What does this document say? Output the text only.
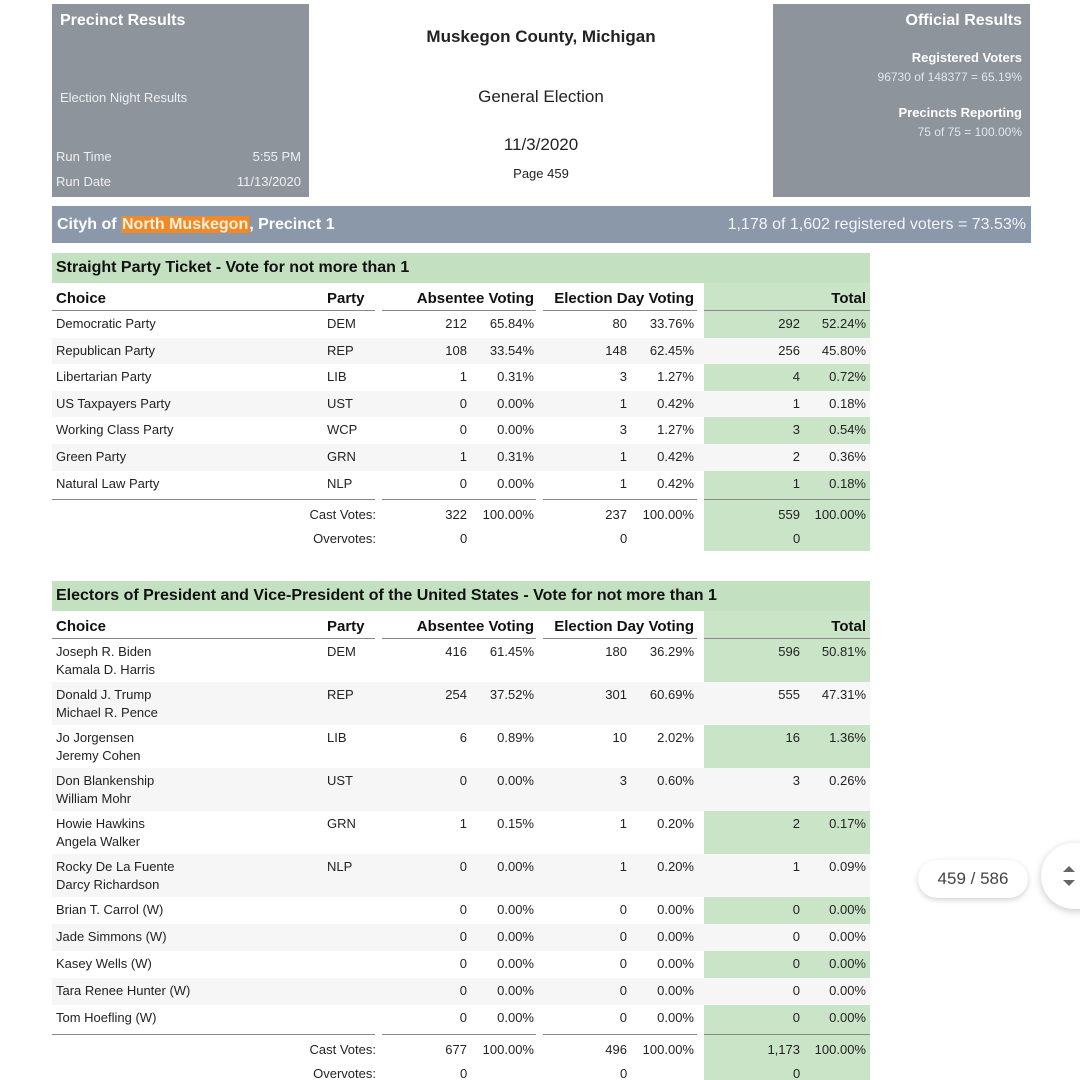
Precinct Results
Election Night Results
Run Time	5:55 PM
Run Date	11/13/2020
Muskegon County, Michigan
General Election
11/3/2020
Page 459
Official Results
Registered Voters
96730 of 148377 = 65.19%
Precincts Reporting
75 of 75 = 100.00%
Cityh of North Muskegon, Precinct 1	1,178 of 1,602 registered voters = 73.53%
Straight Party Ticket - Vote for not more than 1
Choice	Party	Absentee Voting Election Day Voting	Total
Democratic Party	DEM	212 65.84%	80 33.76%	292 52.24%
Republican Party	REP	108 33.54%	148 62.45%	256 45.80%
Libertarian Party	LIB	1 0.31%	3 1.27%	4 0.72%
US Taxpayers Party	UST	0 0.00%	1 0.42%	1 0.18%
Working Class Party	WCP	0 0.00%	3 1.27%	3 0.54%
Green Party	GRN	1 0.31%	1 0.42%	2 0.36%
Natural Law Party	NLP	0 0.00%	1 0.42%	1 0.18%
Cast Votes:	322 100.00%	237 100.00%	559 100.00%
Overvotes:	0	0	0
Electors of President and Vice-President of the United States - Vote for not more than 1
Choice	Party	Absentee Voting Election Day Voting	Total
Joseph R. Biden
Kamala D. Harris
DEM	416 61.45%	180 36.29%	596 50.81%
Donald J. Trump
Michael R. Pence
REP	254 37.52%	301 60.69%	555 47.31%
Jo Jorgensen
Jeremy Cohen
LIB	6 0.89%	10 2.02%	16 1.36%
Don Blankenship
William Mohr
UST	0 0.00%	3 0.60%	3 0.26%
Howie Hawkins
Angela Walker
GRN	1 0.15%	1 0.20%	2 0.17%
Rocky De La Fuente
Darcy Richardson
NLP	0 0.00%	1 0.20%	1 0.09%
Brian T. Carrol (W)	0 0.00%	0 0.00%	0 0.00%
Jade Simmons (W)	0 0.00%	0 0.00%	0 0.00%
Kasey Wells (W)	0 0.00%	0 0.00%	0 0.00%
Tara Renee Hunter (W)	0 0.00%	0 0.00%	0 0.00%
Tom Hoefling (W)	0 0.00%	0 0.00%	0 0.00%
Cast Votes:	677 100.00%	496 100.00%	1,173 100.00%
Overvotes:	0	0	0
459 / 586
